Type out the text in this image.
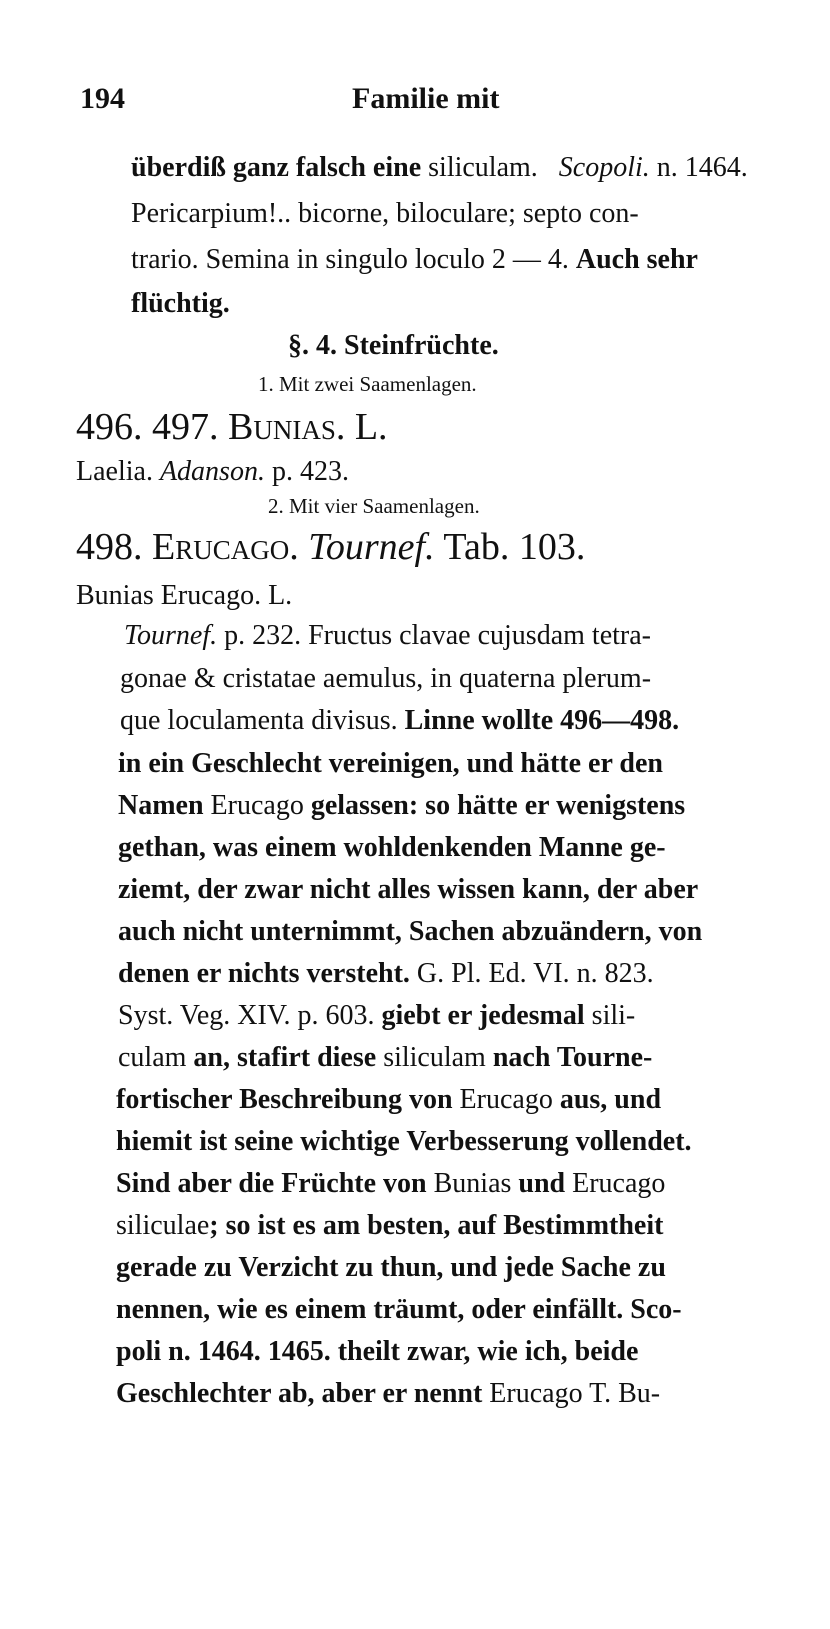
194	Familie mit
überdiß ganz falsch eine siliculam. Scopoli. n. 1464.
Pericarpium!.. bicorne, biloculare; septo con-
trario. Semina in singulo loculo 2 — 4. Auch sehr
flüchtig.
§. 4. Steinfrüchte.
1. Mit zwei Saamenlagen.
496. 497. Bunias. L.
Laelia. Adanson. p. 423.
2. Mit vier Saamenlagen.
498. Erucago. Tournef. Tab. 103.
Bunias Erucago. L.
Tournef. p. 232. Fructus clavae cujusdam tetra-
gonae & cristatae aemulus, in quaterna plerum-
que loculamenta divisus. Linne wollte 496—498.
in ein Geschlecht vereinigen, und hätte er den
Namen Erucago gelassen: so hätte er wenigstens
gethan, was einem wohldenkenden Manne ge-
ziemt, der zwar nicht alles wissen kann, der aber
auch nicht unternimmt, Sachen abzuändern, von
denen er nichts versteht. G. Pl. Ed. VI. n. 823.
Syst. Veg. XIV. p. 603. giebt er jedesmal sili-
culam an, stafirt diese siliculam nach Tourne-
fortischer Beschreibung von Erucago aus, und
hiemit ist seine wichtige Verbesserung vollendet.
Sind aber die Früchte von Bunias und Erucago
siliculae; so ist es am besten, auf Bestimmtheit
gerade zu Verzicht zu thun, und jede Sache zu
nennen, wie es einem träumt, oder einfällt. Sco-
poli n. 1464. 1465. theilt zwar, wie ich, beide
Geschlechter ab, aber er nennt Erucago T. Bu-
